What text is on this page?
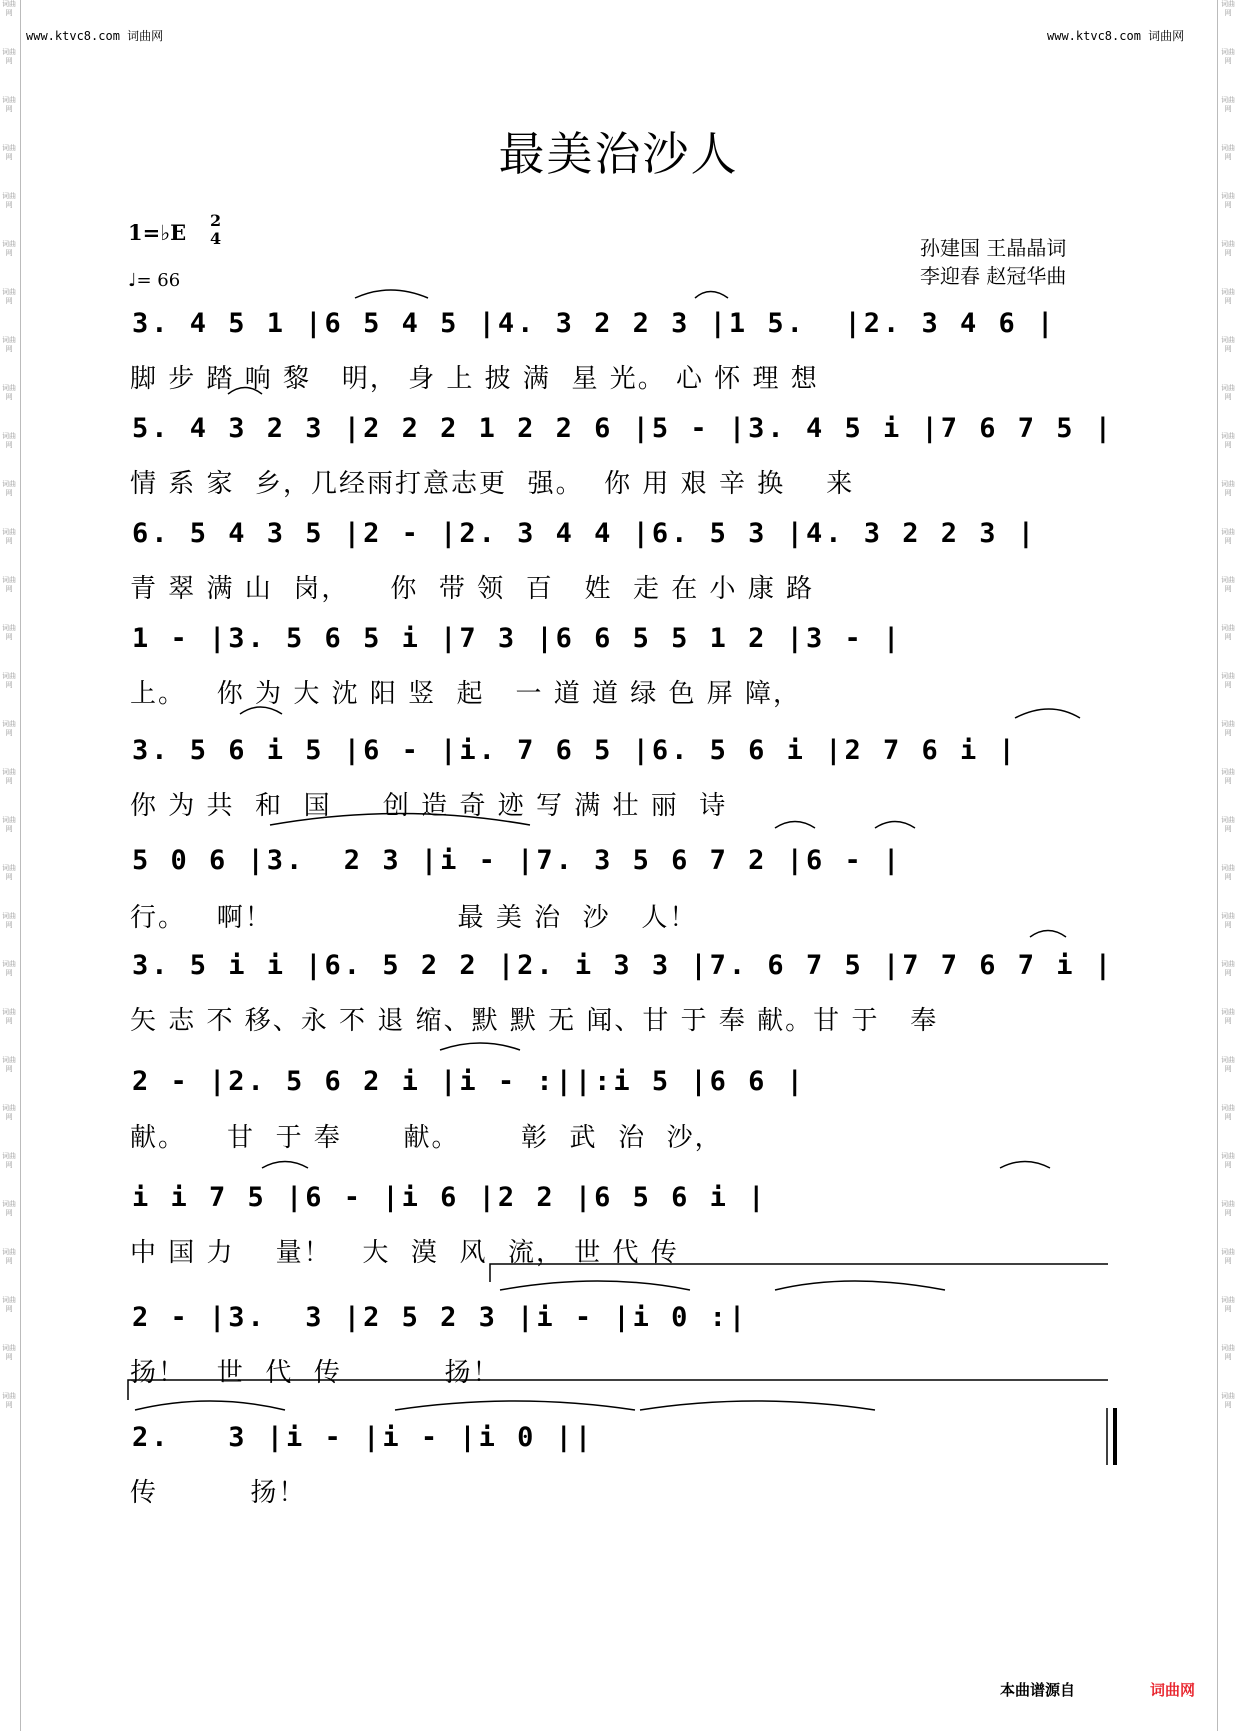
词曲网
词曲网
词曲网
词曲网
词曲网
词曲网
词曲网
词曲网
词曲网
词曲网
词曲网
词曲网
词曲网
词曲网
词曲网
词曲网
词曲网
词曲网
词曲网
词曲网
词曲网
词曲网
词曲网
词曲网
词曲网
词曲网
词曲网
词曲网
词曲网
词曲网
词曲网
词曲网
词曲网
词曲网
词曲网
词曲网
词曲网
词曲网
词曲网
词曲网
词曲网
词曲网
词曲网
词曲网
词曲网
词曲网
词曲网
词曲网
词曲网
词曲网
词曲网
词曲网
词曲网
词曲网
词曲网
词曲网
词曲网
词曲网
词曲网
词曲网
www.ktvc8.com 词曲网	www.ktvc8.com 词曲网
最美治沙人
1=♭E 2
4
♩= 66
孙建国 王晶晶词
李迎春 赵冠华曲
3. 4 5 1 |6 5 4 5 |4. 3 2 2 3 |1 5.  |2. 3 4 6 |
脚 步 踏 响 黎   明， 身 上 披 满  星 光。 心 怀 理 想
5. 4 3 2 3 |2 2 2 1 2 2 6 |5 - |3. 4 5 i |7 6 7 5 |
情 系 家  乡，几经雨打意志更  强。  你 用 艰 辛 换    来
6. 5 4 3 5 |2 - |2. 3 4 4 |6. 5 3 |4. 3 2 2 3 |
青 翠 满 山  岗，    你  带 领  百   姓  走 在 小 康 路
1 - |3. 5 6 5 i |7 3 |6 6 5 5 1 2 |3 - |
上。   你 为 大 沈 阳 竖  起   一 道 道 绿 色 屏 障，
3. 5 6 i 5 |6 - |i. 7 6 5 |6. 5 6 i |2 7 6 i |
你 为 共  和  国     创 造 奇 迹 写 满 壮 丽  诗
5 0 6 |3.  2 3 |i - |7. 3 5 6 7 2 |6 - |
行。   啊！                  最 美 治  沙   人！
3. 5 i i |6. 5 2 2 |2. i 3 3 |7. 6 7 5 |7 7 6 7 i |
矢 志 不 移、永 不 退 缩、默 默 无 闻、甘 于 奉 献。甘 于   奉
2 - |2. 5 6 2 i |i - :||:i 5 |6 6 |
献。    甘  于 奉      献。      彰  武  治  沙，
i i 7 5 |6 - |i 6 |2 2 |6 5 6 i |
中 国 力    量！   大  漠  风  流， 世 代 传
2 - |3.  3 |2 5 2 3 |i - |i 0 :|
扬！   世  代  传          扬！
2.   3 |i - |i - |i 0 ||
传         扬！
本曲谱源自	词曲网
